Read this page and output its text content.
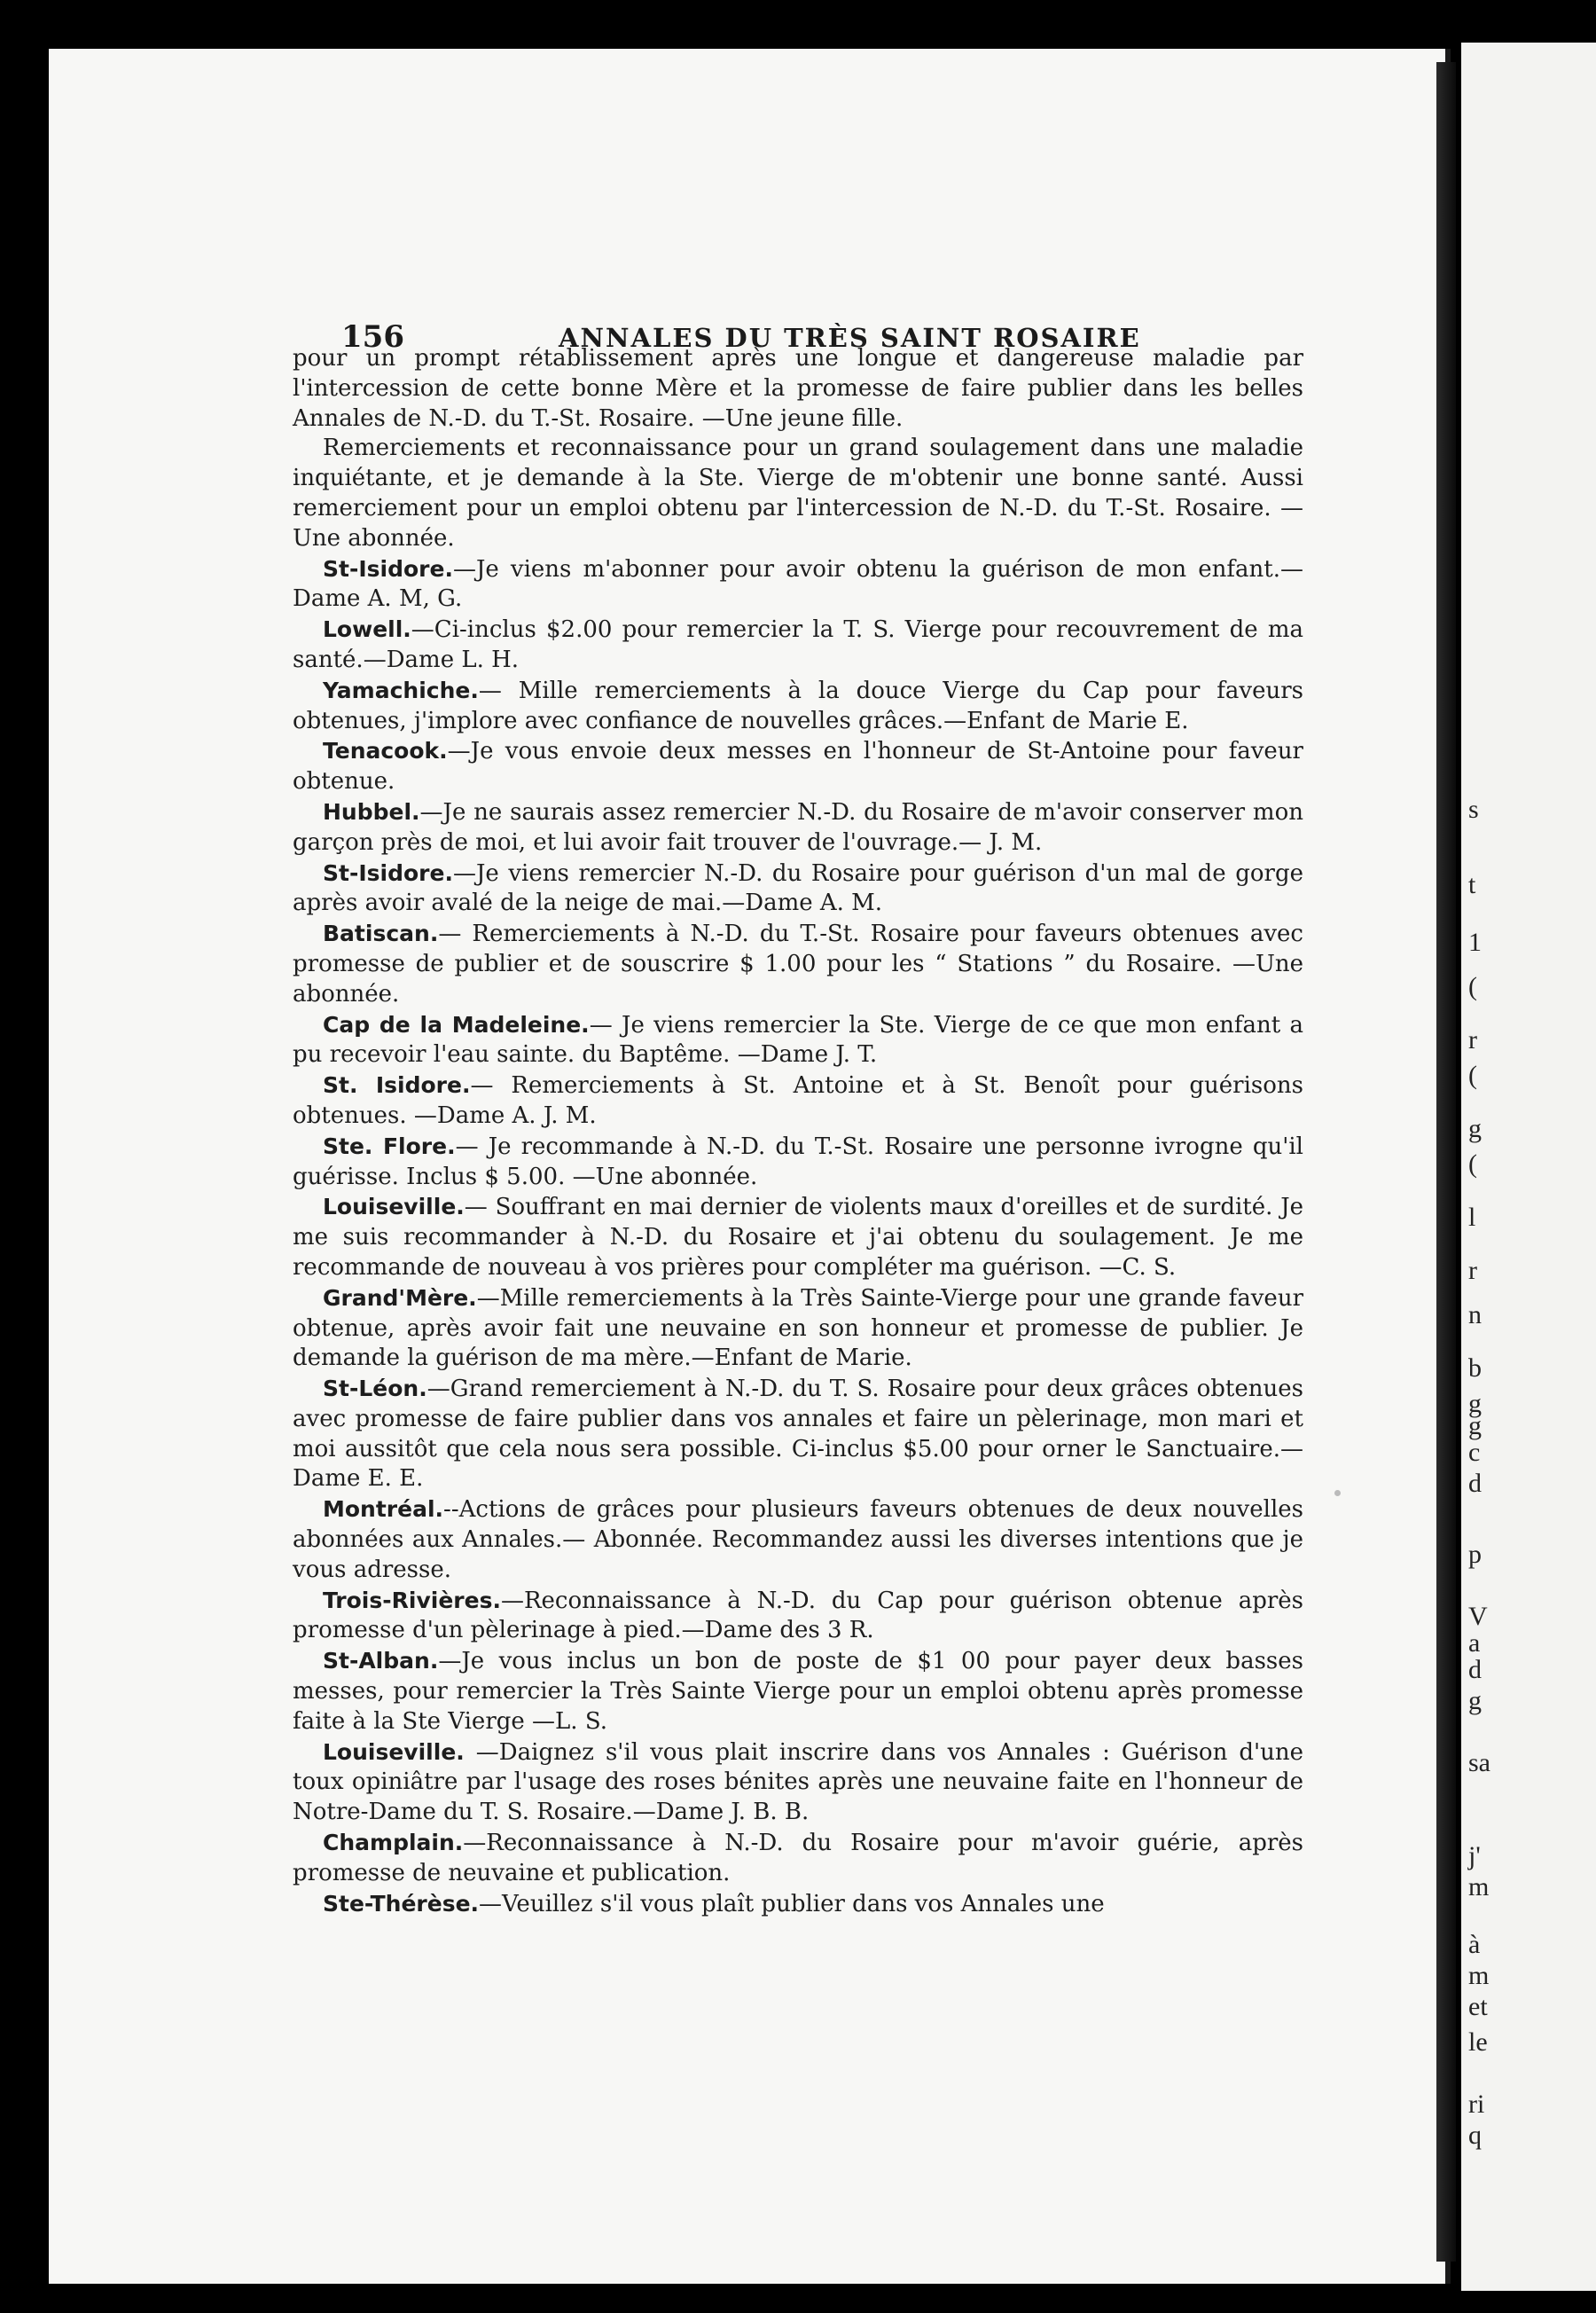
156	ANNALES DU TRÈS SAINT ROSAIRE

pour un prompt rétablissement après une longue et dangereuse maladie par l'intercession de cette bonne Mère et la promesse de faire publier dans les belles Annales de N.-D. du T.-St. Rosaire. —Une jeune fille.

Remerciements et reconnaissance pour un grand soulagement dans une maladie inquiétante, et je demande à la Ste. Vierge de m'obtenir une bonne santé. Aussi remerciement pour un emploi obtenu par l'intercession de N.-D. du T.-St. Rosaire. —Une abonnée.

St-Isidore.—Je viens m'abonner pour avoir obtenu la guérison de mon enfant.—Dame A. M, G.

Lowell.—Ci-inclus $2.00 pour remercier la T. S. Vierge pour recouvrement de ma santé.—Dame L. H.

Yamachiche.— Mille remerciements à la douce Vierge du Cap pour faveurs obtenues, j'implore avec confiance de nouvelles grâces.—Enfant de Marie E.

Tenacook.—Je vous envoie deux messes en l'honneur de St-Antoine pour faveur obtenue.

Hubbel.—Je ne saurais assez remercier N.-D. du Rosaire de m'avoir conserver mon garçon près de moi, et lui avoir fait trouver de l'ouvrage.— J. M.

St-Isidore.—Je viens remercier N.-D. du Rosaire pour guérison d'un mal de gorge après avoir avalé de la neige de mai.—Dame A. M.

Batiscan.— Remerciements à N.-D. du T.-St. Rosaire pour faveurs obtenues avec promesse de publier et de souscrire $ 1.00 pour les “ Stations ” du Rosaire. —Une abonnée.

Cap de la Madeleine.— Je viens remercier la Ste. Vierge de ce que mon enfant a pu recevoir l'eau sainte. du Baptême. —Dame J. T.

St. Isidore.— Remerciements à St. Antoine et à St. Benoît pour guérisons obtenues. —Dame A. J. M.

Ste. Flore.— Je recommande à N.-D. du T.-St. Rosaire une personne ivrogne qu'il guérisse. Inclus $ 5.00. —Une abonnée.

Louiseville.— Souffrant en mai dernier de violents maux d'oreilles et de surdité. Je me suis recommander à N.-D. du Rosaire et j'ai obtenu du soulagement. Je me recommande de nouveau à vos prières pour compléter ma guérison. —C. S.

Grand'Mère.—Mille remerciements à la Très Sainte-Vierge pour une grande faveur obtenue, après avoir fait une neuvaine en son honneur et promesse de publier. Je demande la guérison de ma mère.—Enfant de Marie.

St-Léon.—Grand remerciement à N.-D. du T. S. Rosaire pour deux grâces obtenues avec promesse de faire publier dans vos annales et faire un pèlerinage, mon mari et moi aussitôt que cela nous sera possible. Ci-inclus $5.00 pour orner le Sanctuaire.—Dame E. E.

Montréal.--Actions de grâces pour plusieurs faveurs obtenues de deux nouvelles abonnées aux Annales.— Abonnée. Recommandez aussi les diverses intentions que je vous adresse.

Trois-Rivières.—Reconnaissance à N.-D. du Cap pour guérison obtenue après promesse d'un pèlerinage à pied.—Dame des 3 R.

St-Alban.—Je vous inclus un bon de poste de $1 00 pour payer deux basses messes, pour remercier la Très Sainte Vierge pour un emploi obtenu après promesse faite à la Ste Vierge —L. S.

Louiseville. —Daignez s'il vous plait inscrire dans vos Annales : Guérison d'une toux opiniâtre par l'usage des roses bénites après une neuvaine faite en l'honneur de Notre-Dame du T. S. Rosaire.—Dame J. B. B.

Champlain.—Reconnaissance à N.-D. du Rosaire pour m'avoir guérie, après promesse de neuvaine et publication.

Ste-Thérèse.—Veuillez s'il vous plaît publier dans vos Annales une

s
t
1
(
r
(
g
(
l
r
n
b
g
g
c
d
p
V
a
d
g
sa
j'
m
à
m
et
le
ri
q
